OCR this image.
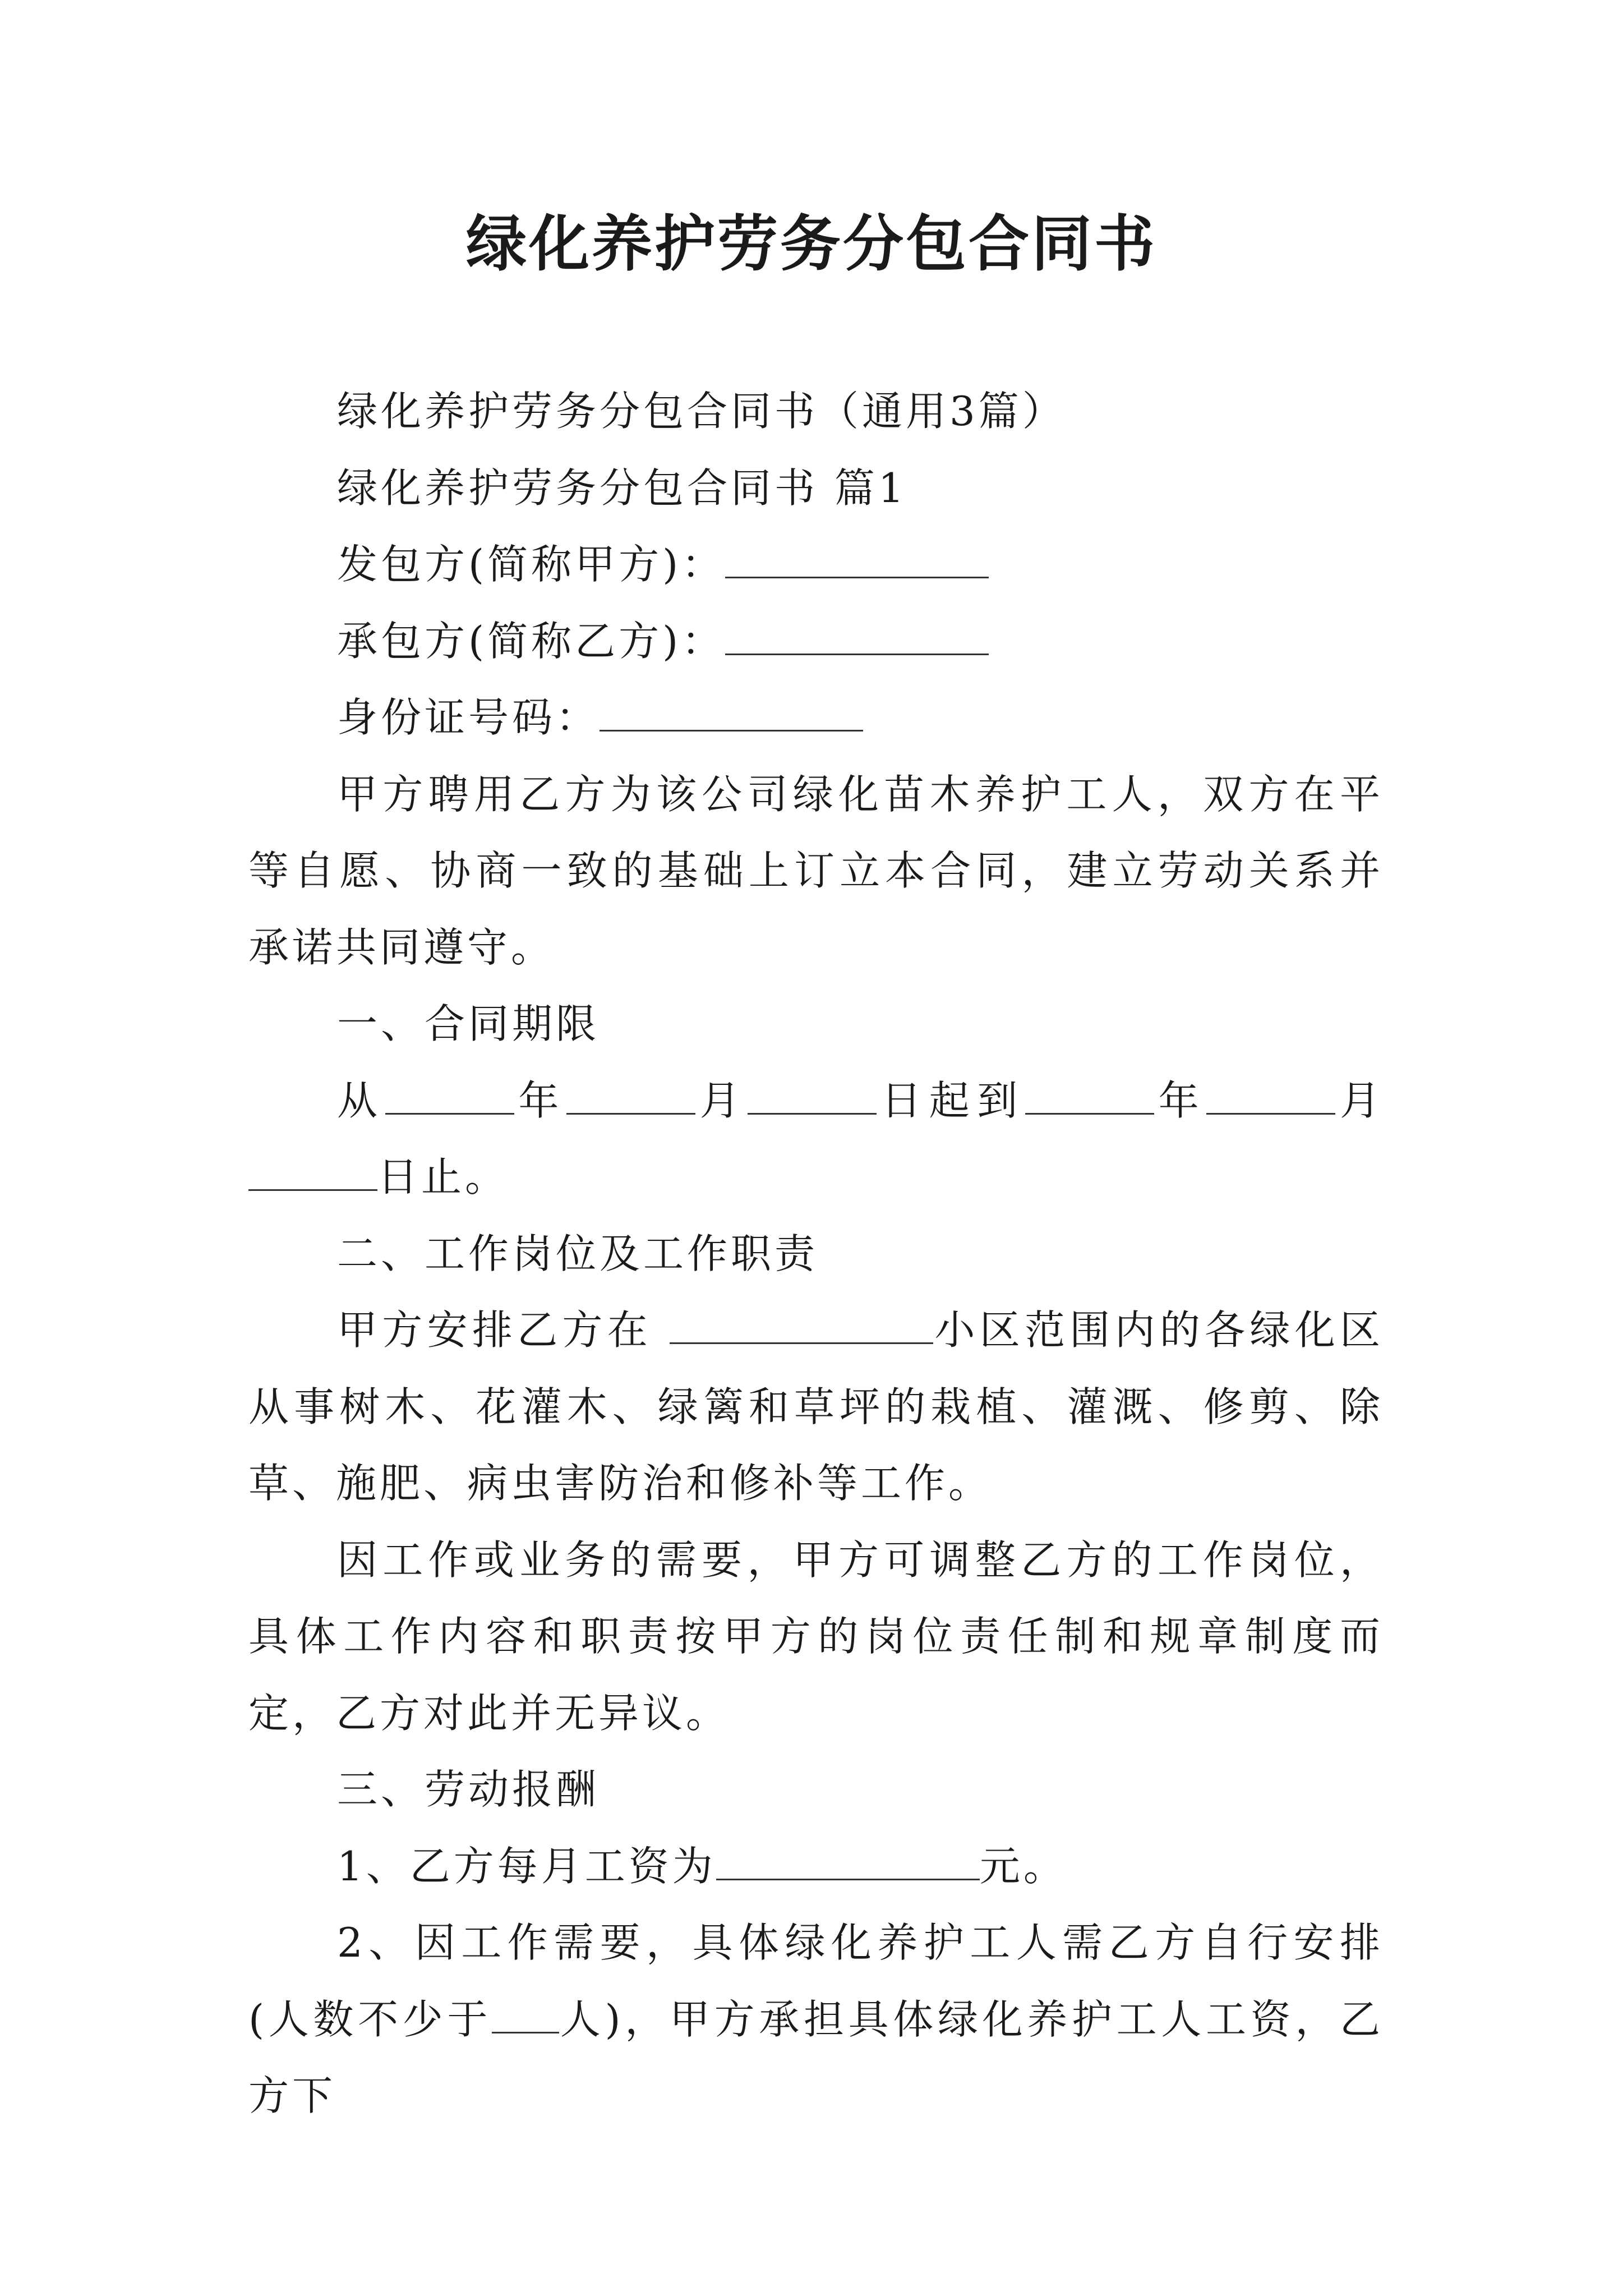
绿化养护劳务分包合同书

绿化养护劳务分包合同书（通用3篇）

绿化养护劳务分包合同书 篇1

发包方(简称甲方)：

承包方(简称乙方)：

身份证号码：

甲方聘用乙方为该公司绿化苗木养护工人，双方在平等自愿、协商一致的基础上订立本合同，建立劳动关系并承诺共同遵守。

一、合同期限

从	年	月	日起到	年	月日止。

二、工作岗位及工作职责

甲方安排乙方在	小区范围内的各绿化区从事树木、花灌木、绿篱和草坪的栽植、灌溉、修剪、除草、施肥、病虫害防治和修补等工作。

因工作或业务的需要，甲方可调整乙方的工作岗位，具体工作内容和职责按甲方的岗位责任制和规章制度而定，乙方对此并无异议。

三、劳动报酬

1、乙方每月工资为	元。

2、因工作需要，具体绿化养护工人需乙方自行安排(人数不少于 人)，甲方承担具体绿化养护工人工资，乙方下
